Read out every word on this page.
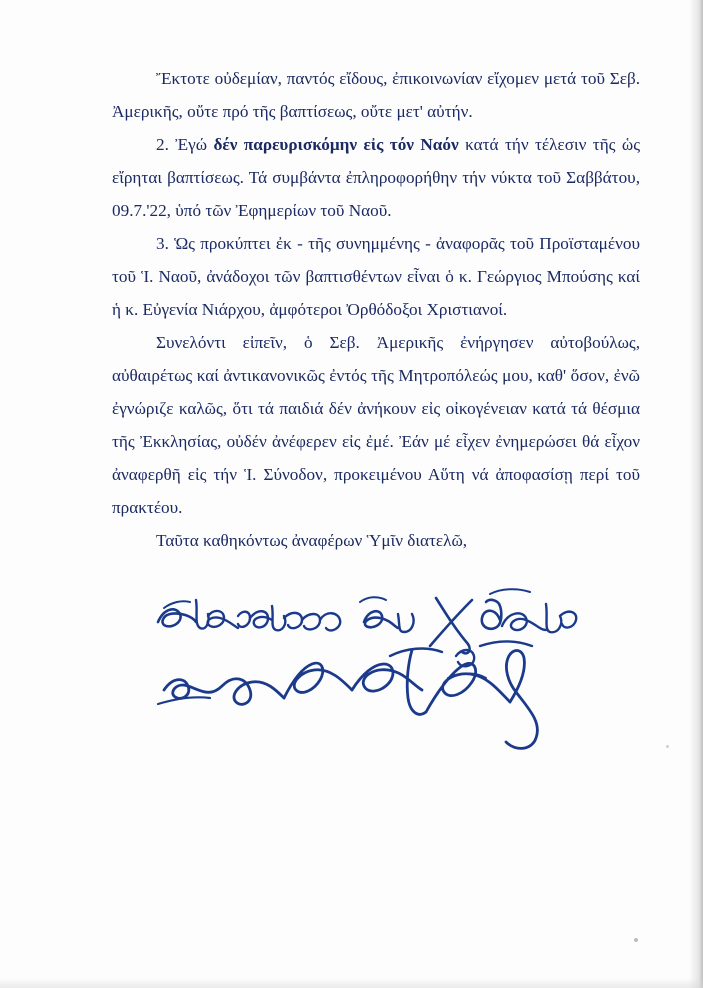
Ἔκτοτε οὐδεμίαν, παντός εἴδους, ἐπικοινωνίαν εἴχομεν μετά τοῦ Σεβ. Ἀμερικῆς, οὔτε πρό τῆς βαπτίσεως, οὔτε μετ' αὐτήν.

2. Ἐγώ δέν παρευρισκόμην εἰς τόν Ναόν κατά τήν τέλεσιν τῆς ὡς εἴρηται βαπτίσεως. Τά συμβάντα ἐπληροφορήθην τήν νύκτα τοῦ Σαββάτου, 09.7.'22, ὑπό τῶν Ἐφημερίων τοῦ Ναοῦ.

3. Ὡς προκύπτει ἐκ - τῆς συνημμένης - ἀναφορᾶς τοῦ Προϊσταμένου τοῦ Ἱ. Ναοῦ, ἀνάδοχοι τῶν βαπτισθέντων εἶναι ὁ κ. Γεώργιος Μπούσης καί ἡ κ. Εὐγενία Νιάρχου, ἀμφότεροι Ὀρθόδοξοι Χριστιανοί.

Συνελόντι εἰπεῖν, ὁ Σεβ. Ἀμερικῆς ἐνήργησεν αὐτοβούλως, αὐθαιρέτως καί ἀντικανονικῶς ἐντός τῆς Μητροπόλεώς μου, καθ' ὅσον, ἐνῶ ἐγνώριζε καλῶς, ὅτι τά παιδιά δέν ἀνήκουν εἰς οἰκογένειαν κατά τά θέσμια τῆς Ἐκκλησίας, οὐδέν ἀνέφερεν εἰς ἐμέ. Ἐάν μέ εἶχεν ἐνημερώσει θά εἶχον ἀναφερθῆ εἰς τήν Ἱ. Σύνοδον, προκειμένου Αὕτη νά ἀποφασίσῃ περί τοῦ πρακτέου.

Ταῦτα καθηκόντως ἀναφέρων Ὑμῖν διατελῶ,
